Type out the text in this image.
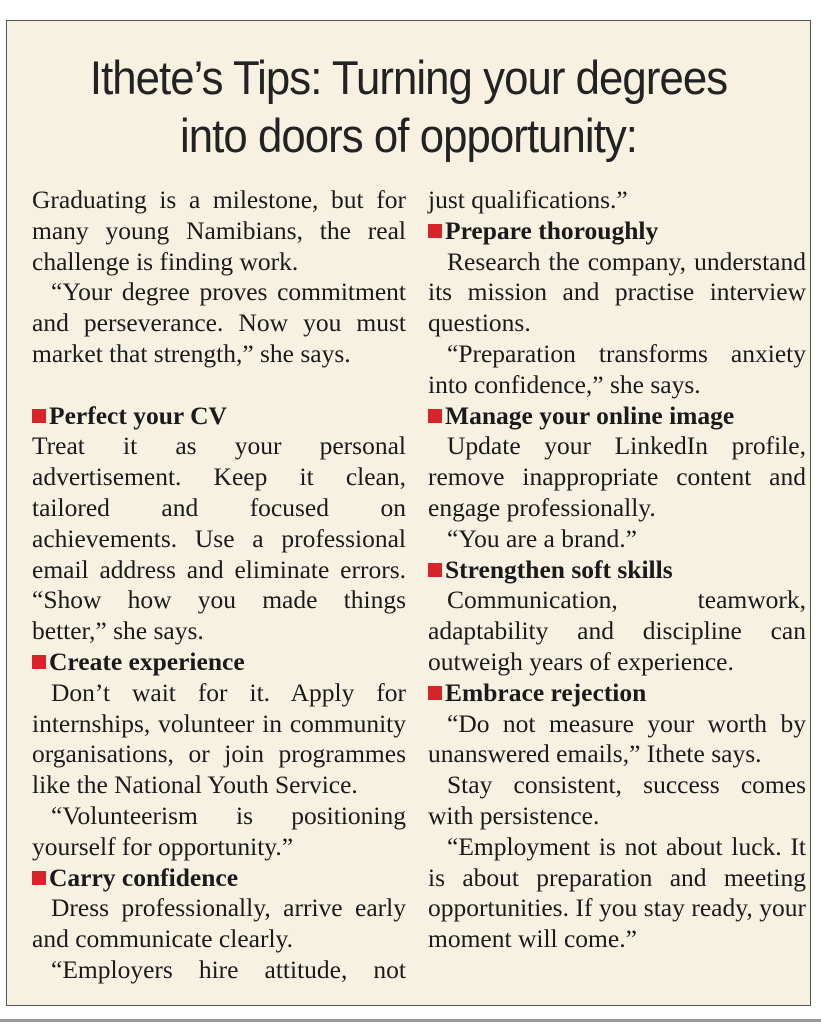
Ithete’s Tips: Turning your degrees
into doors of opportunity:

Graduating is a milestone, but for many young Namibians, the real challenge is finding work.

“Your degree proves commitment and perseverance. Now you must market that strength,” she says.

Perfect your CV

Treat it as your personal advertisement. Keep it clean, tailored and focused on achievements. Use a professional email address and eliminate errors. “Show how you made things better,” she says.

Create experience

Don’t wait for it. Apply for internships, volunteer in community organisations, or join programmes like the National Youth Service.

“Volunteerism is positioning yourself for opportunity.”

Carry confidence

Dress professionally, arrive early and communicate clearly.

“Employers hire attitude, not

just qualifications.”

Prepare thoroughly

Research the company, understand its mission and practise interview questions.

“Preparation transforms anxiety into confidence,” she says.

Manage your online image

Update your LinkedIn profile, remove inappropriate content and engage professionally.

“You are a brand.”

Strengthen soft skills

Communication, teamwork, adaptability and discipline can outweigh years of experience.

Embrace rejection

“Do not measure your worth by unanswered emails,” Ithete says.

Stay consistent, success comes with persistence.

“Employment is not about luck. It is about preparation and meeting opportunities. If you stay ready, your moment will come.”
